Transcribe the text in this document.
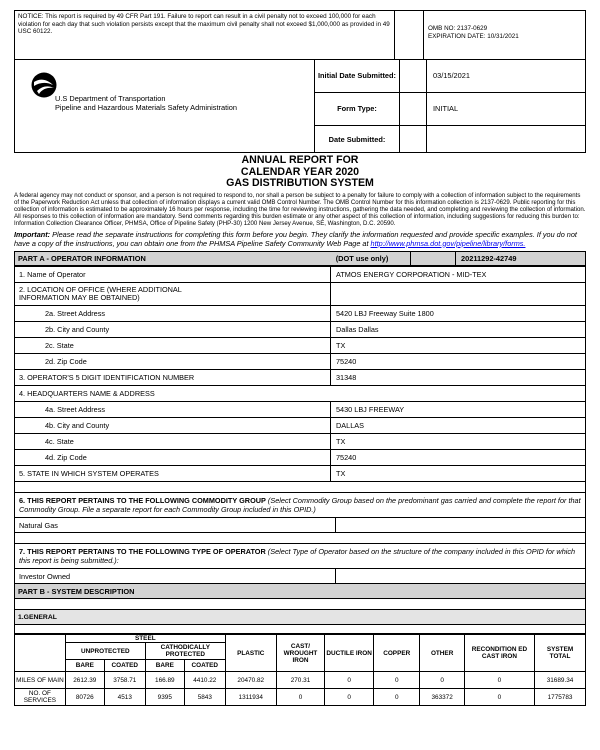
NOTICE: This report is required by 49 CFR Part 191. Failure to report can result in a civil penalty not to exceed 100,000 for each violation for each day that such violation persists except that the maximum civil penalty shall not exceed $1,000,000 as provided in 49 USC 60122.	OMB NO: 2137-0629
EXPIRATION DATE: 10/31/2021
U.S Department of Transportation
Pipeline and Hazardous Materials Safety Administration
Initial Date Submitted:		03/15/2021
Form Type:		INITIAL
Date Submitted:		
ANNUAL REPORT FOR
CALENDAR YEAR 2020
GAS DISTRIBUTION SYSTEM
A federal agency may not conduct or sponsor, and a person is not required to respond to, nor shall a person be subject to a penalty for failure to comply with a collection of information subject to the requirements of the Paperwork Reduction Act unless that collection of information displays a current valid OMB Control Number. The OMB Control Number for this information collection is 2137-0629. Public reporting for this collection of information is estimated to be approximately 16 hours per response, including the time for reviewing instructions, gathering the data needed, and completing and reviewing the collection of information. All responses to this collection of information are mandatory. Send comments regarding this burden estimate or any other aspect of this collection of information, including suggestions for reducing this burden to: Information Collection Clearance Officer, PHMSA, Office of Pipeline Safety (PHP-30) 1200 New Jersey Avenue, SE, Washington, D.C. 20590.
Important: Please read the separate instructions for completing this form before you begin. They clarify the information requested and provide specific examples. If you do not have a copy of the instructions, you can obtain one from the PHMSA Pipeline Safety Community Web Page at http://www.phmsa.dot.gov/pipeline/library/forms.
PART A - OPERATOR INFORMATION	(DOT use only)	20211292-42749
1. Name of Operator	ATMOS ENERGY CORPORATION - MID-TEX
2. LOCATION OF OFFICE (WHERE ADDITIONAL INFORMATION MAY BE OBTAINED)	
2a. Street Address	5420 LBJ Freeway Suite 1800
2b. City and County	Dallas Dallas
2c. State	TX
2d. Zip Code	75240
3. OPERATOR'S 5 DIGIT IDENTIFICATION NUMBER	31348
4. HEADQUARTERS NAME & ADDRESS	
4a. Street Address	5430 LBJ FREEWAY
4b. City and County	DALLAS
4c. State	TX
4d. Zip Code	75240
5. STATE IN WHICH SYSTEM OPERATES	TX
6. THIS REPORT PERTAINS TO THE FOLLOWING COMMODITY GROUP (Select Commodity Group based on the predominant gas carried and complete the report for that Commodity Group. File a separate report for each Commodity Group included in this OPID.)
Natural Gas
7. THIS REPORT PERTAINS TO THE FOLLOWING TYPE OF OPERATOR (Select Type of Operator based on the structure of the company included in this OPID for which this report is being submitted.):
Investor Owned
PART B - SYSTEM DESCRIPTION
1.GENERAL
	STEEL				PLASTIC	CAST/ WROUGHT IRON	DUCTILE IRON	COPPER	OTHER	RECONDITION ED CAST IRON	SYSTEM TOTAL
	UNPROTECTED		CATHODICALLY PROTECTED								
	BARE	COATED	BARE	COATED							
MILES OF MAIN	2612.39	3758.71	166.89	4410.22	20470.82	270.31	0	0	0	0	31689.34
NO. OF SERVICES	80726	4513	9395	5843	1311934	0	0	0	363372	0	1775783
